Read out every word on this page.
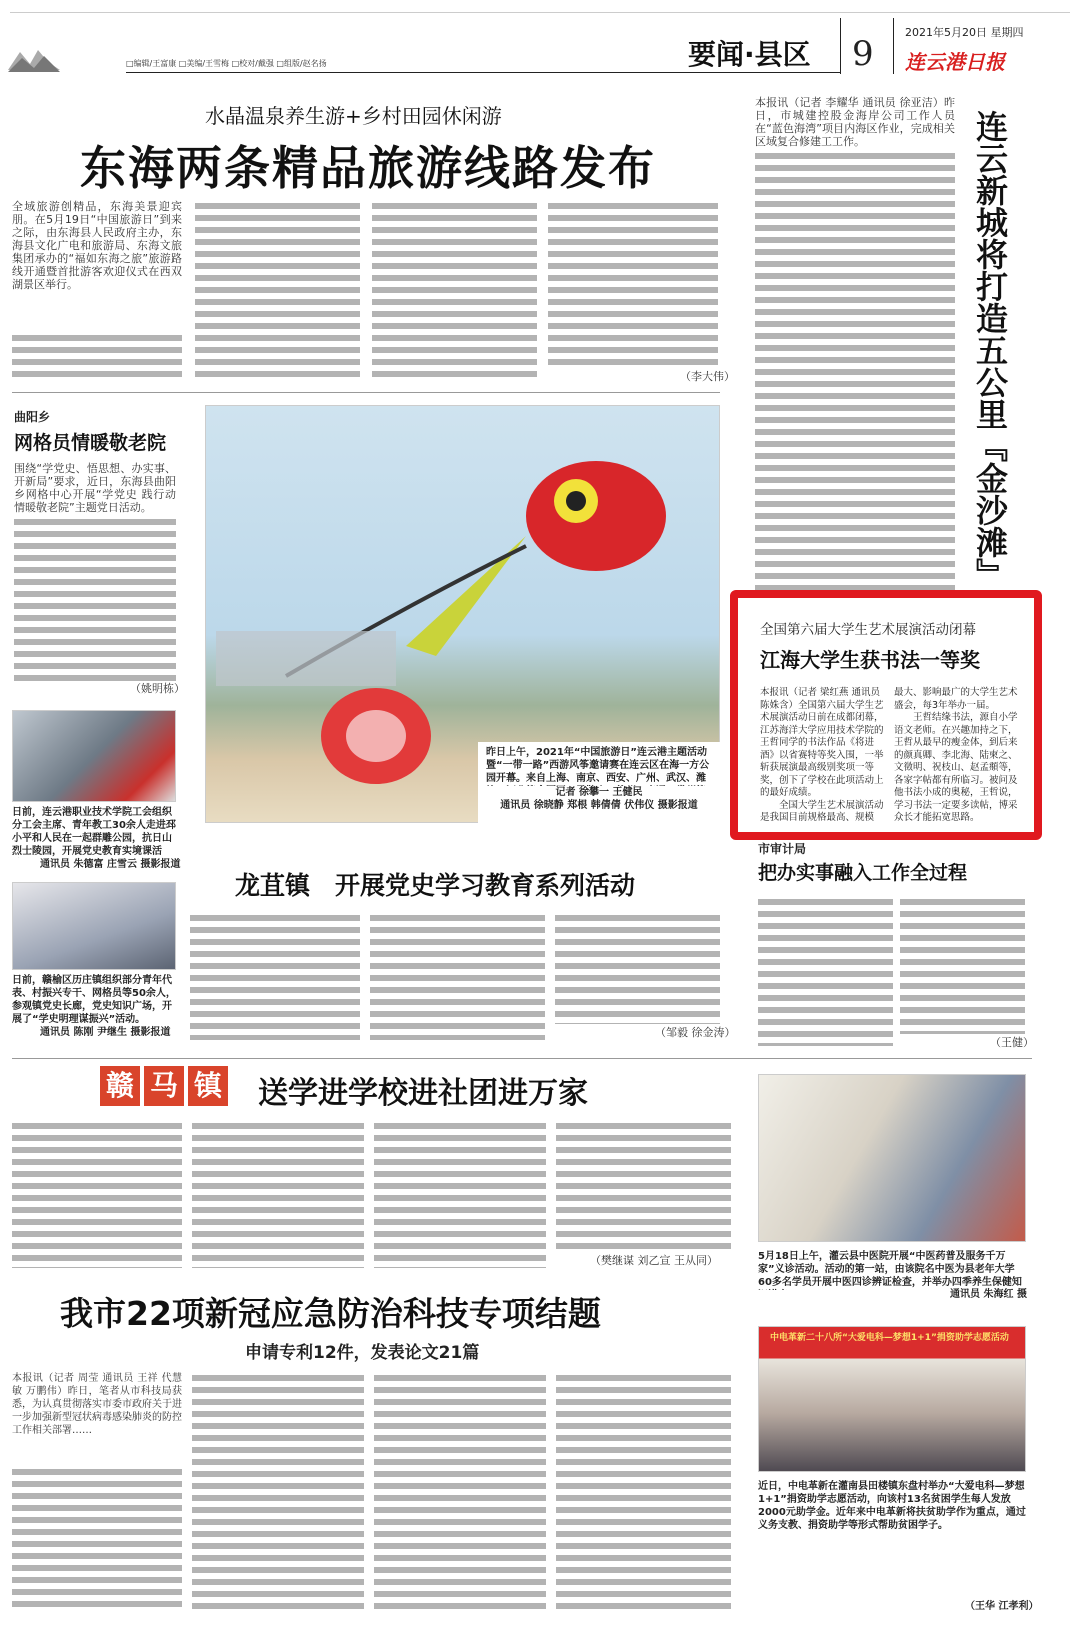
□编辑/王富康 □美编/王雪梅 □校对/戴强 □组版/赵名扬	要闻·县区 9
2021年5月20日 星期四
连云港日报
水晶温泉养生游+乡村田园休闲游
东海两条精品旅游线路发布
全域旅游创精品，东海美景迎宾朋。在5月19日“中国旅游日”到来之际，由东海县人民政府主办，东海县文化广电和旅游局、东海文旅集团承办的“福如东海之旅”旅游路线开通暨首批游客欢迎仪式在西双湖景区举行。
（李大伟）
曲阳乡
网格员情暖敬老院
围绕“学党史、悟思想、办实事、开新局”要求，近日，东海县曲阳乡网格中心开展“学党史 践行动 情暖敬老院”主题党日活动。
（姚明栋）
日前，连云港职业技术学院工会组织分工会主席、青年教工30余人走进邳小平和人民在一起群雕公园，抗日山烈士陵园，开展党史教育实境课活
通讯员 朱德富 庄雪云 摄影报道
日前，赣榆区历庄镇组织部分青年代表、村振兴专干、网格员等50余人，参观镇党史长廊，党史知识广场，开展了“学史明理谋振兴”活动。
通讯员 陈刚 尹继生 摄影报道
昨日上午，2021年“中国旅游日”连云港主题活动暨“一带一路”西游风筝邀请赛在连云区在海一方公园开幕。来自上海、南京、西安、广州、武汉、潍
记者 徐攀一 王健民
通讯员 徐晓静 郑根 韩倩倩 伏伟仪 摄影报道
本报讯（记者 李耀华 通讯员 徐亚洁）昨日，市城建控股金海岸公司工作人员在“蓝色海湾”项目内海区作业，完成相关区域复合修建工工作。	连云新城将打造五公里『金沙滩』
全国第六届大学生艺术展演活动闭幕
江海大学生获书法一等奖
本报讯（记者 梁红燕 通讯员 陈姝含）全国第六届大学生艺术展演活动日前在成都闭幕，江苏海洋大学应用技术学院的王哲同学的书法作品《将进酒》以省赛特等奖入围，一举斩获展演最高级别奖项一等奖，创下了学校在此项活动上的最好成绩。
全国大学生艺术展演活动是我国目前规格最高、规模
最大、影响最广的大学生艺术盛会，每3年举办一届。
王哲结缘书法，源自小学语文老师。在兴趣加持之下，王哲从最早的瘦金体，到后来的颜真卿、李北海、陆柬之、文徵明、祝枝山、赵孟頫等，各家字帖都有所临习。被问及他书法小成的奥秘，王哲说，学习书法一定要多读帖，博采众长才能拓宽思路。
龙苴镇　开展党史学习教育系列活动
（邹毅 徐金涛）
市审计局
把办实事融入工作全过程
（王健）
赣 马 镇 送学进学校进社团进万家
（樊继谋 刘乙宣 王从同）	5月18日上午，灌云县中医院开展“中医药普及服务千万家”义诊活动。活动的第一站，由该院名中医为县老年大学60多名学员开展中医四诊辨证检查，并举办四季养生保健知
通讯员 朱海红 摄
我市22项新冠应急防治科技专项结题
申请专利12件，发表论文21篇
本报讯（记者 周莹 通讯员 王祥 代慧敏 万鹏伟）昨日，笔者从市科技局获悉，为认真贯彻落实市委市政府关于进一步加强新型冠状病毒感染肺炎的防控工作相关部署……
中电革新二十八所“大爱电科—梦想1+1”捐资助学志愿活动
近日，中电革新在灌南县田楼镇东盘村举办“大爱电科—梦想1+1”捐资助学志愿活动，向该村13名贫困学生每人发放2000元助学金。近年来中电革新将扶贫助学作为重点，通过义务支教、捐资助学等形式帮助贫困学子。
（王华 江孝利）
